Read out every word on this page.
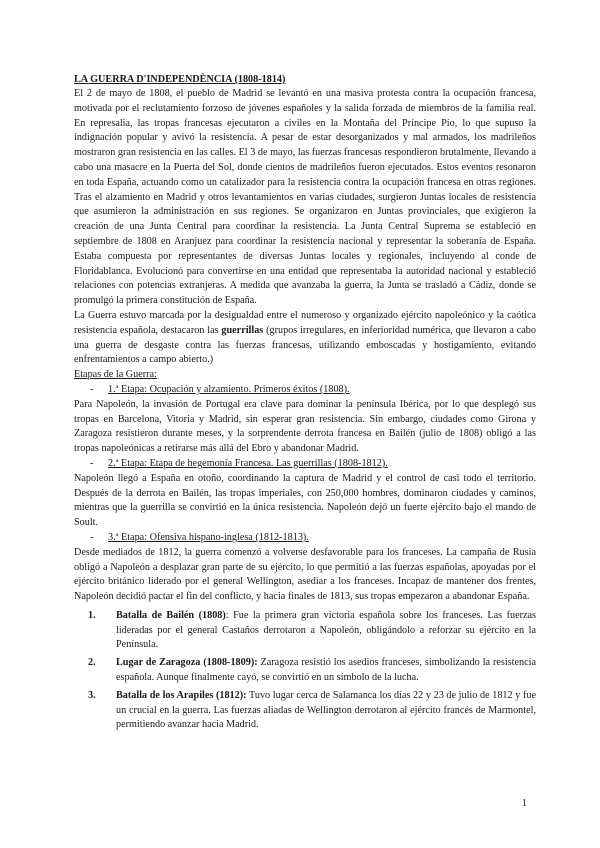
LA GUERRA D'INDEPENDÈNCIA (1808-1814)

El 2 de mayo de 1808, el pueblo de Madrid se levantó en una masiva protesta contra la ocupación francesa, motivada por el reclutamiento forzoso de jóvenes españoles y la salida forzada de miembros de la familia real. En represalia, las tropas francesas ejecutaron a civiles en la Montaña del Príncipe Pío, lo que supuso la indignación popular y avivó la resistencia. A pesar de estar desorganizados y mal armados, los madrileños mostraron gran resistencia en las calles. El 3 de mayo, las fuerzas francesas respondieron brutalmente, llevando a cabo una masacre en la Puerta del Sol, donde cientos de madrileños fueron ejecutados. Estos eventos resonaron en toda España, actuando como un catalizador para la resistencia contra la ocupación francesa en otras regiones. Tras el alzamiento en Madrid y otros levantamientos en varias ciudades, surgieron Juntas locales de resistencia que asumieron la administración en sus regiones. Se organizaron en Juntas provinciales, que exigieron la creación de una Junta Central para coordinar la resistencia. La Junta Central Suprema se estableció en septiembre de 1808 en Aranjuez para coordinar la resistencia nacional y representar la soberanía de España. Estaba compuesta por representantes de diversas Juntas locales y regionales, incluyendo al conde de Floridablanca. Evolucionó para convertirse en una entidad que representaba la autoridad nacional y estableció relaciones con potencias extranjeras. A medida que avanzaba la guerra, la Junta se trasladó a Cádiz, donde se promulgó la primera constitución de España.

La Guerra estuvo marcada por la desigualdad entre el numeroso y organizado ejército napoleónico y la caótica resistencia española, destacaron las guerrillas (grupos irregulares, en inferioridad numérica, que llevaron a cabo una guerra de desgaste contra las fuerzas francesas, utilizando emboscadas y hostigamiento, evitando enfrentamientos a campo abierto.)

Etapas de la Guerra:
-	1.ª Etapa: Ocupación y alzamiento. Primeros éxitos (1808).

Para Napoleón, la invasión de Portugal era clave para dominar la península Ibérica, por lo que desplegó sus tropas en Barcelona, Vitoria y Madrid, sin esperar gran resistencia. Sin embargo, ciudades como Girona y Zaragoza resistieron durante meses, y la sorprendente derrota francesa en Bailén (julio de 1808) obligó a las tropas napoleónicas a retirarse más allá del Ebro y abandonar Madrid.

-	2.ª Etapa: Etapa de hegemonía Francesa. Las guerrillas (1808-1812).

Napoleón llegó a España en otoño, coordinando la captura de Madrid y el control de casi todo el territorio. Después de la derrota en Bailén, las tropas imperiales, con 250,000 hombres, dominaron ciudades y caminos, mientras que la guerrilla se convirtió en la única resistencia. Napoleón dejó un fuerte ejército bajo el mando de Soult.

-	3.ª Etapa: Ofensiva hispano-inglesa (1812-1813).

Desde mediados de 1812, la guerra comenzó a volverse desfavorable para los franceses. La campaña de Rusia obligó a Napoleón a desplazar gran parte de su ejército, lo que permitió a las fuerzas españolas, apoyadas por el ejército británico liderado por el general Wellington, asediar a los franceses. Incapaz de mantener dos frentes, Napoleón decidió pactar el fin del conflicto, y hacia finales de 1813, sus tropas empezaron a abandonar España.

1.	Batalla de Bailén (1808): Fue la primera gran victoria española sobre los franceses. Las fuerzas lideradas por el general Castaños derrotaron a Napoleón, obligándolo a reforzar su ejército en la Península.
2.	Lugar de Zaragoza (1808-1809): Zaragoza resistió los asedios franceses, simbolizando la resistencia española. Aunque finalmente cayó, se convirtió en un símbolo de la lucha.
3.	Batalla de los Arapiles (1812): Tuvo lugar cerca de Salamanca los días 22 y 23 de julio de 1812 y fue un crucial en la guerra. Las fuerzas aliadas de Wellington derrotaron al ejército francés de Marmontel, permitiendo avanzar hacia Madrid.
1
